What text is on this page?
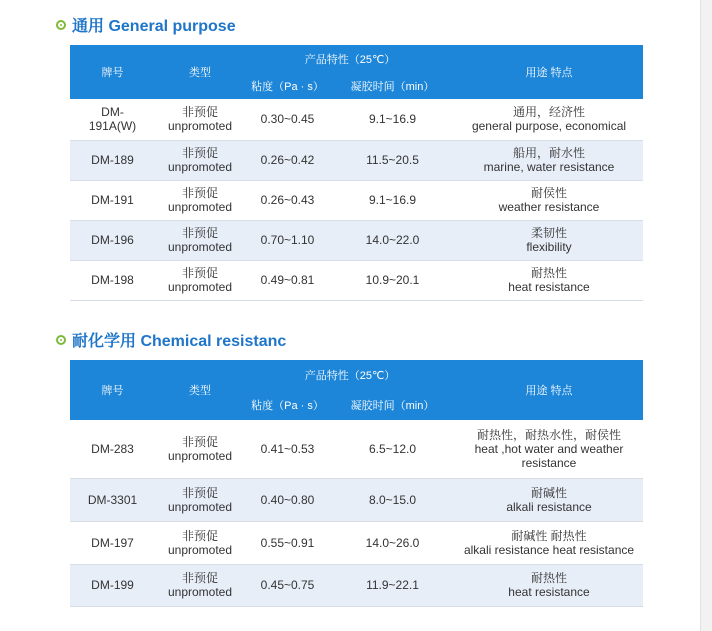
通用 General purpose
牌号	类型	产品特性（25℃）		用途 特点
		粘度（Pa · s）	凝胶时间（min）	
DM-
191A(W)	非预促
unpromoted	0.30~0.45	9.1~16.9	通用，经济性
general purpose, economical
DM-189	非预促
unpromoted	0.26~0.42	11.5~20.5	船用，耐水性
marine, water resistance
DM-191	非预促
unpromoted	0.26~0.43	9.1~16.9	耐侯性
weather resistance
DM-196	非预促
unpromoted	0.70~1.10	14.0~22.0	柔韧性
flexibility
DM-198	非预促
unpromoted	0.49~0.81	10.9~20.1	耐热性
heat resistance
耐化学用 Chemical resistanc
牌号	类型	产品特性（25℃）		用途 特点
		粘度（Pa · s）	凝胶时间（min）	
DM-283	非预促
unpromoted	0.41~0.53	6.5~12.0	耐热性，耐热水性，耐侯性
heat ,hot water and weather
resistance
DM-3301	非预促
unpromoted	0.40~0.80	8.0~15.0	耐碱性
alkali resistance
DM-197	非预促
unpromoted	0.55~0.91	14.0~26.0	耐碱性 耐热性
alkali resistance heat resistance
DM-199	非预促
unpromoted	0.45~0.75	11.9~22.1	耐热性
heat resistance
